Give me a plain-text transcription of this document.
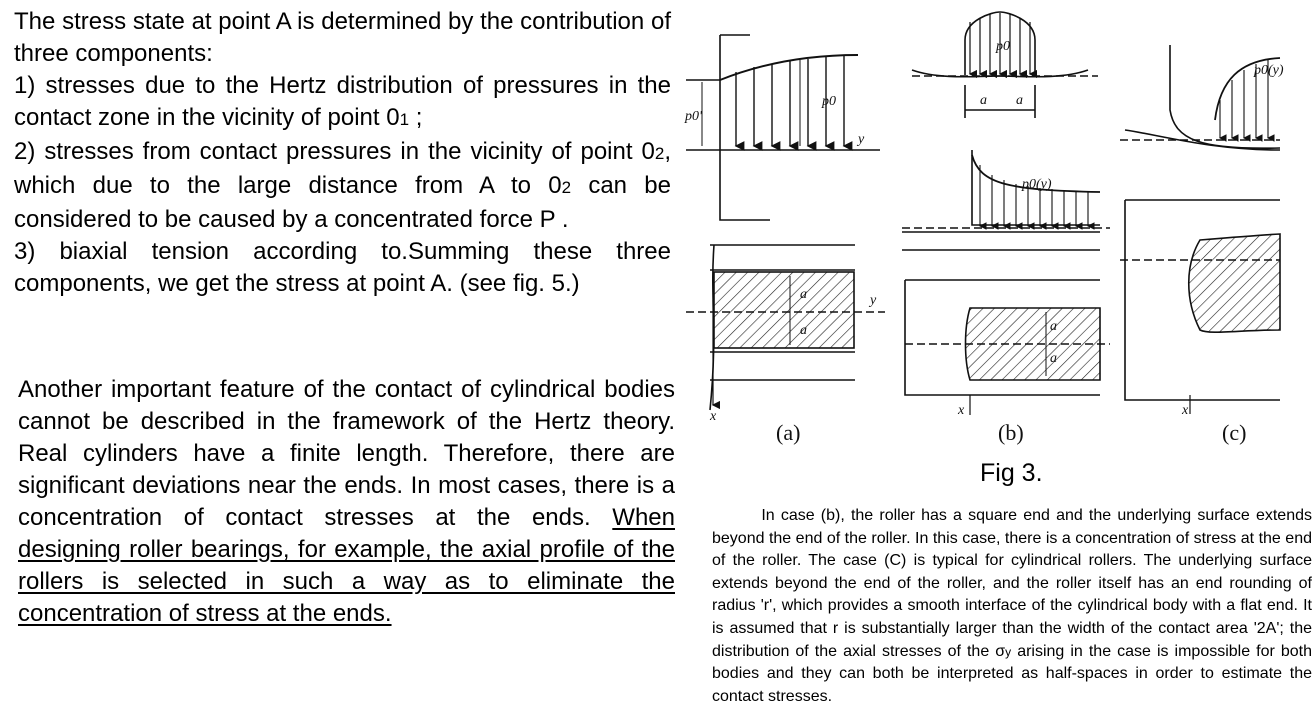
The stress state at point A is determined by the contribution of three components:
1) stresses due to the Hertz distribution of pressures in the contact zone in the vicinity of point 01 ;
2) stresses from contact pressures in the vicinity of point 02, which due to the large distance from A to 02 can be considered to be caused by a concentrated force P .
3) biaxial tension according to.Summing these three components, we get the stress at point A. (see fig. 5.)

Another important feature of the contact of cylindrical bodies cannot be described in the framework of the Hertz theory. Real cylinders have a finite length. Therefore, there are significant deviations near the ends. In most cases, there is a concentration of contact stresses at the ends. When designing roller bearings, for example, the axial profile of the rollers is selected in such a way as to eliminate the concentration of stress at the ends.

p0
p0'
y
a
a
y
x
(a)
p0
a a
p0(y)
a
a
x
(b)
p0(y)
x
(c)
Fig 3.

In case (b), the roller has a square end and the underlying surface extends beyond the end of the roller. In this case, there is a concentration of stress at the end of the roller. The case (C) is typical for cylindrical rollers. The underlying surface extends beyond the end of the roller, and the roller itself has an end rounding of radius 'r', which provides a smooth interface of the cylindrical body with a flat end. It is assumed that r is substantially larger than the width of the contact area '2A'; the distribution of the axial stresses of the σy arising in the case is impossible for both bodies and they can both be interpreted as half-spaces in order to estimate the contact stresses.
